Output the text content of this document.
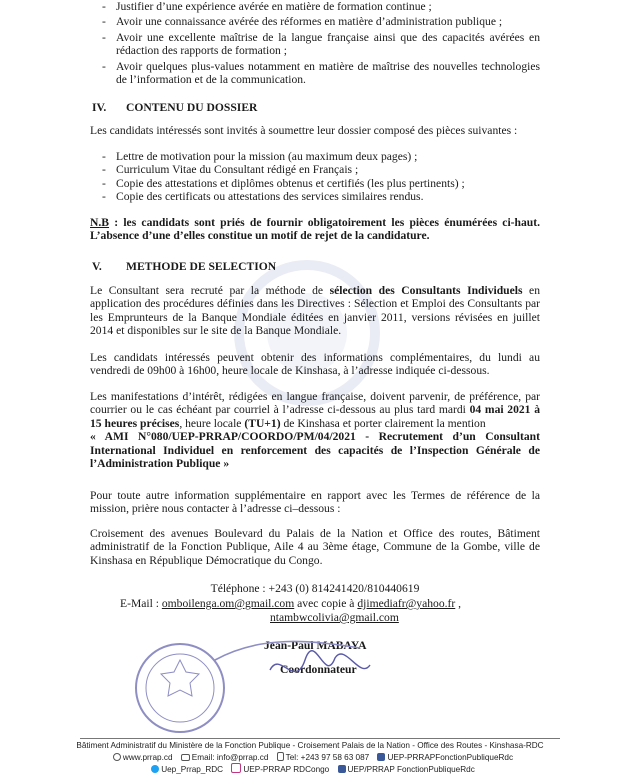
- Justifier d’une expérience avérée en matière de formation continue ;
- Avoir une connaissance avérée des réformes en matière d’administration publique ;
- Avoir une excellente maîtrise de la langue française ainsi que des capacités avérées en rédaction des rapports de formation ;
- Avoir quelques plus-values notamment en matière de maîtrise des nouvelles technologies de l’information et de la communication.

IV. CONTENU DU DOSSIER

Les candidats intéressés sont invités à soumettre leur dossier composé des pièces suivantes :

- Lettre de motivation pour la mission (au maximum deux pages) ;
- Curriculum Vitae du Consultant rédigé en Français ;
- Copie des attestations et diplômes obtenus et certifiés (les plus pertinents) ;
- Copie des certificats ou attestations des services similaires rendus.

N.B : les candidats sont priés de fournir obligatoirement les pièces énumérées ci-haut. L’absence d’une d’elles constitue un motif de rejet de la candidature.

V. METHODE DE SELECTION

Le Consultant sera recruté par la méthode de sélection des Consultants Individuels en application des procédures définies dans les Directives : Sélection et Emploi des Consultants par les Emprunteurs de la Banque Mondiale éditées en janvier 2011, versions révisées en juillet 2014 et disponibles sur le site de la Banque Mondiale.

Les candidats intéressés peuvent obtenir des informations complémentaires, du lundi au vendredi de 09h00 à 16h00, heure locale de Kinshasa, à l’adresse indiquée ci-dessous.

Les manifestations d’intérêt, rédigées en langue française, doivent parvenir, de préférence, par courrier ou le cas échéant par courriel à l’adresse ci-dessous au plus tard mardi 04 mai 2021 à 15 heures précises, heure locale (TU+1) de Kinshasa et porter clairement la mention
« AMI N°080/UEP-PRRAP/COORDO/PM/04/2021 - Recrutement d’un Consultant International Individuel en renforcement des capacités de l’Inspection Générale de l’Administration Publique »

Pour toute autre information supplémentaire en rapport avec les Termes de référence de la mission, prière nous contacter à l’adresse ci–dessous :

Croisement des avenues Boulevard du Palais de la Nation et Office des routes, Bâtiment administratif de la Fonction Publique, Aile 4 au 3ème étage, Commune de la Gombe, ville de Kinshasa en République Démocratique du Congo.

Téléphone : +243 (0) 814241420/810440619

E-Mail : omboilenga.om@gmail.com avec copie à djimediafr@yahoo.fr ,

ntambwcolivia@gmail.com

Jean-Paul MABAYA

Coordonnateur

Bâtiment Administratif du Ministère de la Fonction Publique - Croisement Palais de la Nation - Office des Routes - Kinshasa-RDC
www.prrap.cd Email: info@prrap.cd Tel: +243 97 58 63 087 UEP-PRRAPFonctionPubliqueRdc
Uep_Prrap_RDC UEP-PRRAP RDCongo UEP/PRRAP FonctionPubliqueRdc
